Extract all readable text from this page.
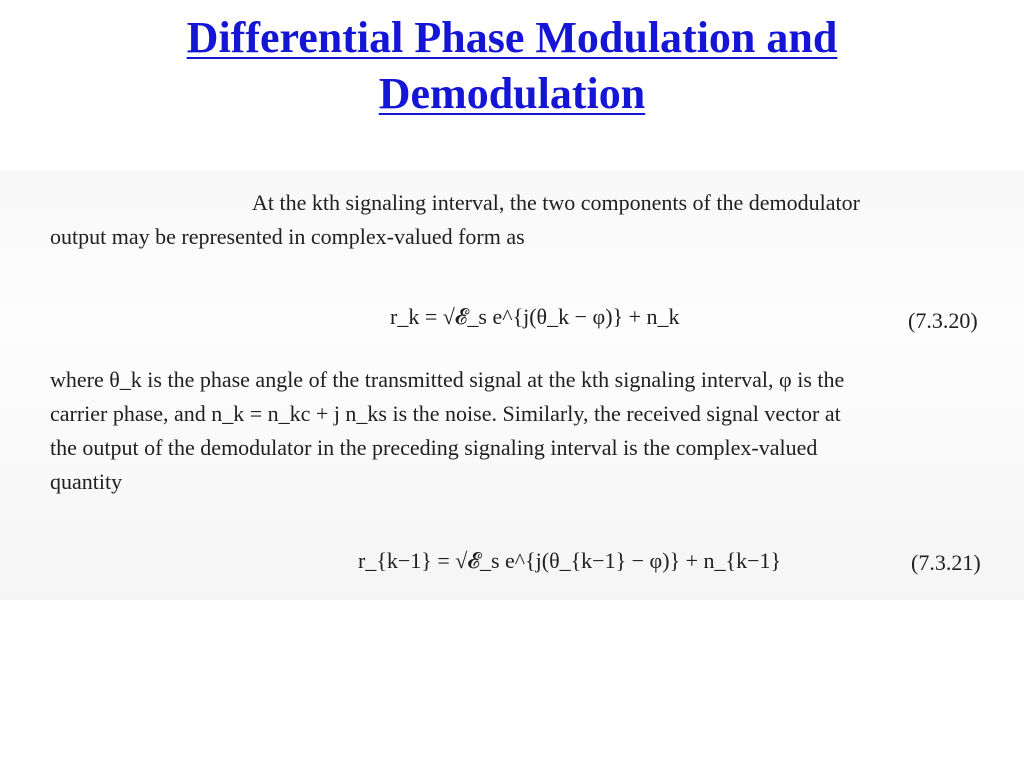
Differential Phase Modulation and
Demodulation
At the kth signaling interval, the two components of the demodulator
output may be represented in complex-valued form as
r_k = √𝓔_s e^{j(θ_k − φ)} + n_k	(7.3.20)
where θ_k is the phase angle of the transmitted signal at the kth signaling interval, φ is the
carrier phase, and n_k = n_kc + j n_ks is the noise. Similarly, the received signal vector at
the output of the demodulator in the preceding signaling interval is the complex-valued
quantity
r_{k−1} = √𝓔_s e^{j(θ_{k−1} − φ)} + n_{k−1}	(7.3.21)
